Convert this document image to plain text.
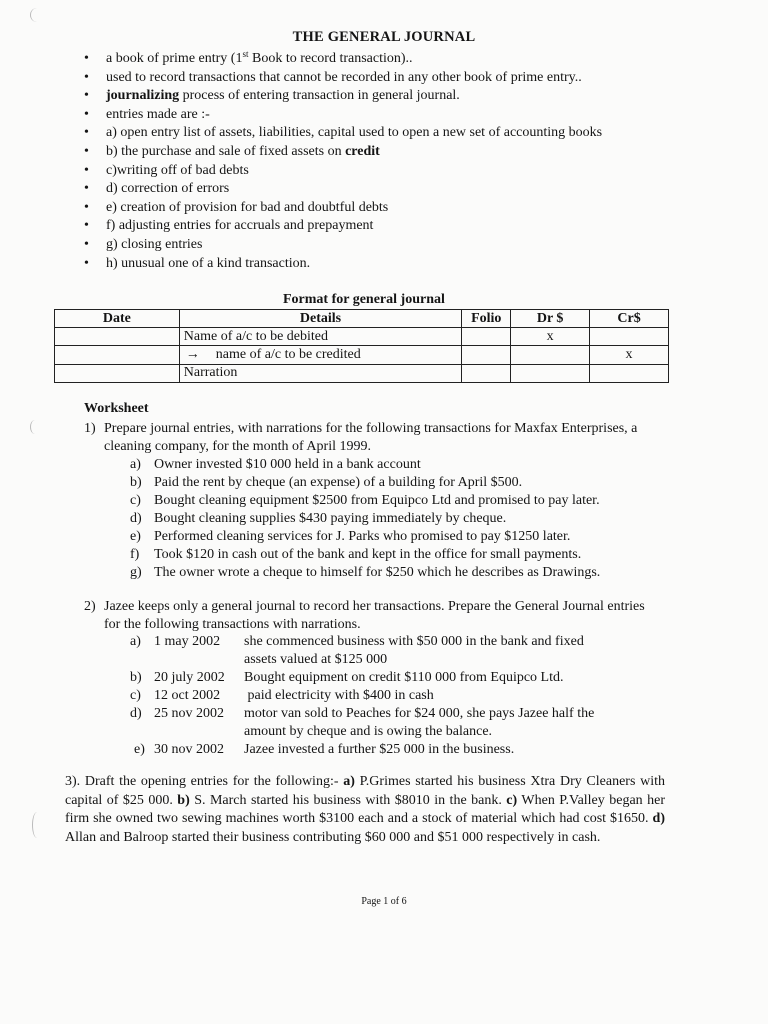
THE GENERAL JOURNAL
• a book of prime entry (1st Book to record transaction)..
• used to record transactions that cannot be recorded in any other book of prime entry..
• journalizing process of entering transaction in general journal.
• entries made are :-
• a) open entry list of assets, liabilities, capital used to open a new set of accounting books
• b) the purchase and sale of fixed assets on credit
• c)writing off of bad debts
• d) correction of errors
• e) creation of provision for bad and doubtful debts
• f) adjusting entries for accruals and prepayment
• g) closing entries
• h) unusual one of a kind transaction.
Format for general journal
Date	Details	Folio	Dr $	Cr$
	Name of a/c to be debited		x	
	→ name of a/c to be credited			x
	Narration			
Worksheet
1) Prepare journal entries, with narrations for the following transactions for Maxfax Enterprises, a cleaning company, for the month of April 1999.
a) Owner invested $10 000 held in a bank account
b) Paid the rent by cheque (an expense) of a building for April $500.
c) Bought cleaning equipment $2500 from Equipco Ltd and promised to pay later.
d) Bought cleaning supplies $430 paying immediately by cheque.
e) Performed cleaning services for J. Parks who promised to pay $1250 later.
f) Took $120 in cash out of the bank and kept in the office for small payments.
g) The owner wrote a cheque to himself for $250 which he describes as Drawings.
2) Jazee keeps only a general journal to record her transactions. Prepare the General Journal entries for the following transactions with narrations.
a) 1 may 2002 she commenced business with $50 000 in the bank and fixed
assets valued at $125 000
b) 20 july 2002 Bought equipment on credit $110 000 from Equipco Ltd.
c) 12 oct 2002 paid electricity with $400 in cash
d) 25 nov 2002 motor van sold to Peaches for $24 000, she pays Jazee half the
amount by cheque and is owing the balance.
e) 30 nov 2002 Jazee invested a further $25 000 in the business.
3). Draft the opening entries for the following:- a) P.Grimes started his business Xtra Dry Cleaners with capital of $25 000. b) S. March started his business with $8010 in the bank. c) When P.Valley began her firm she owned two sewing machines worth $3100 each and a stock of material which had cost $1650. d) Allan and Balroop started their business contributing $60 000 and $51 000 respectively in cash.
Page 1 of 6
